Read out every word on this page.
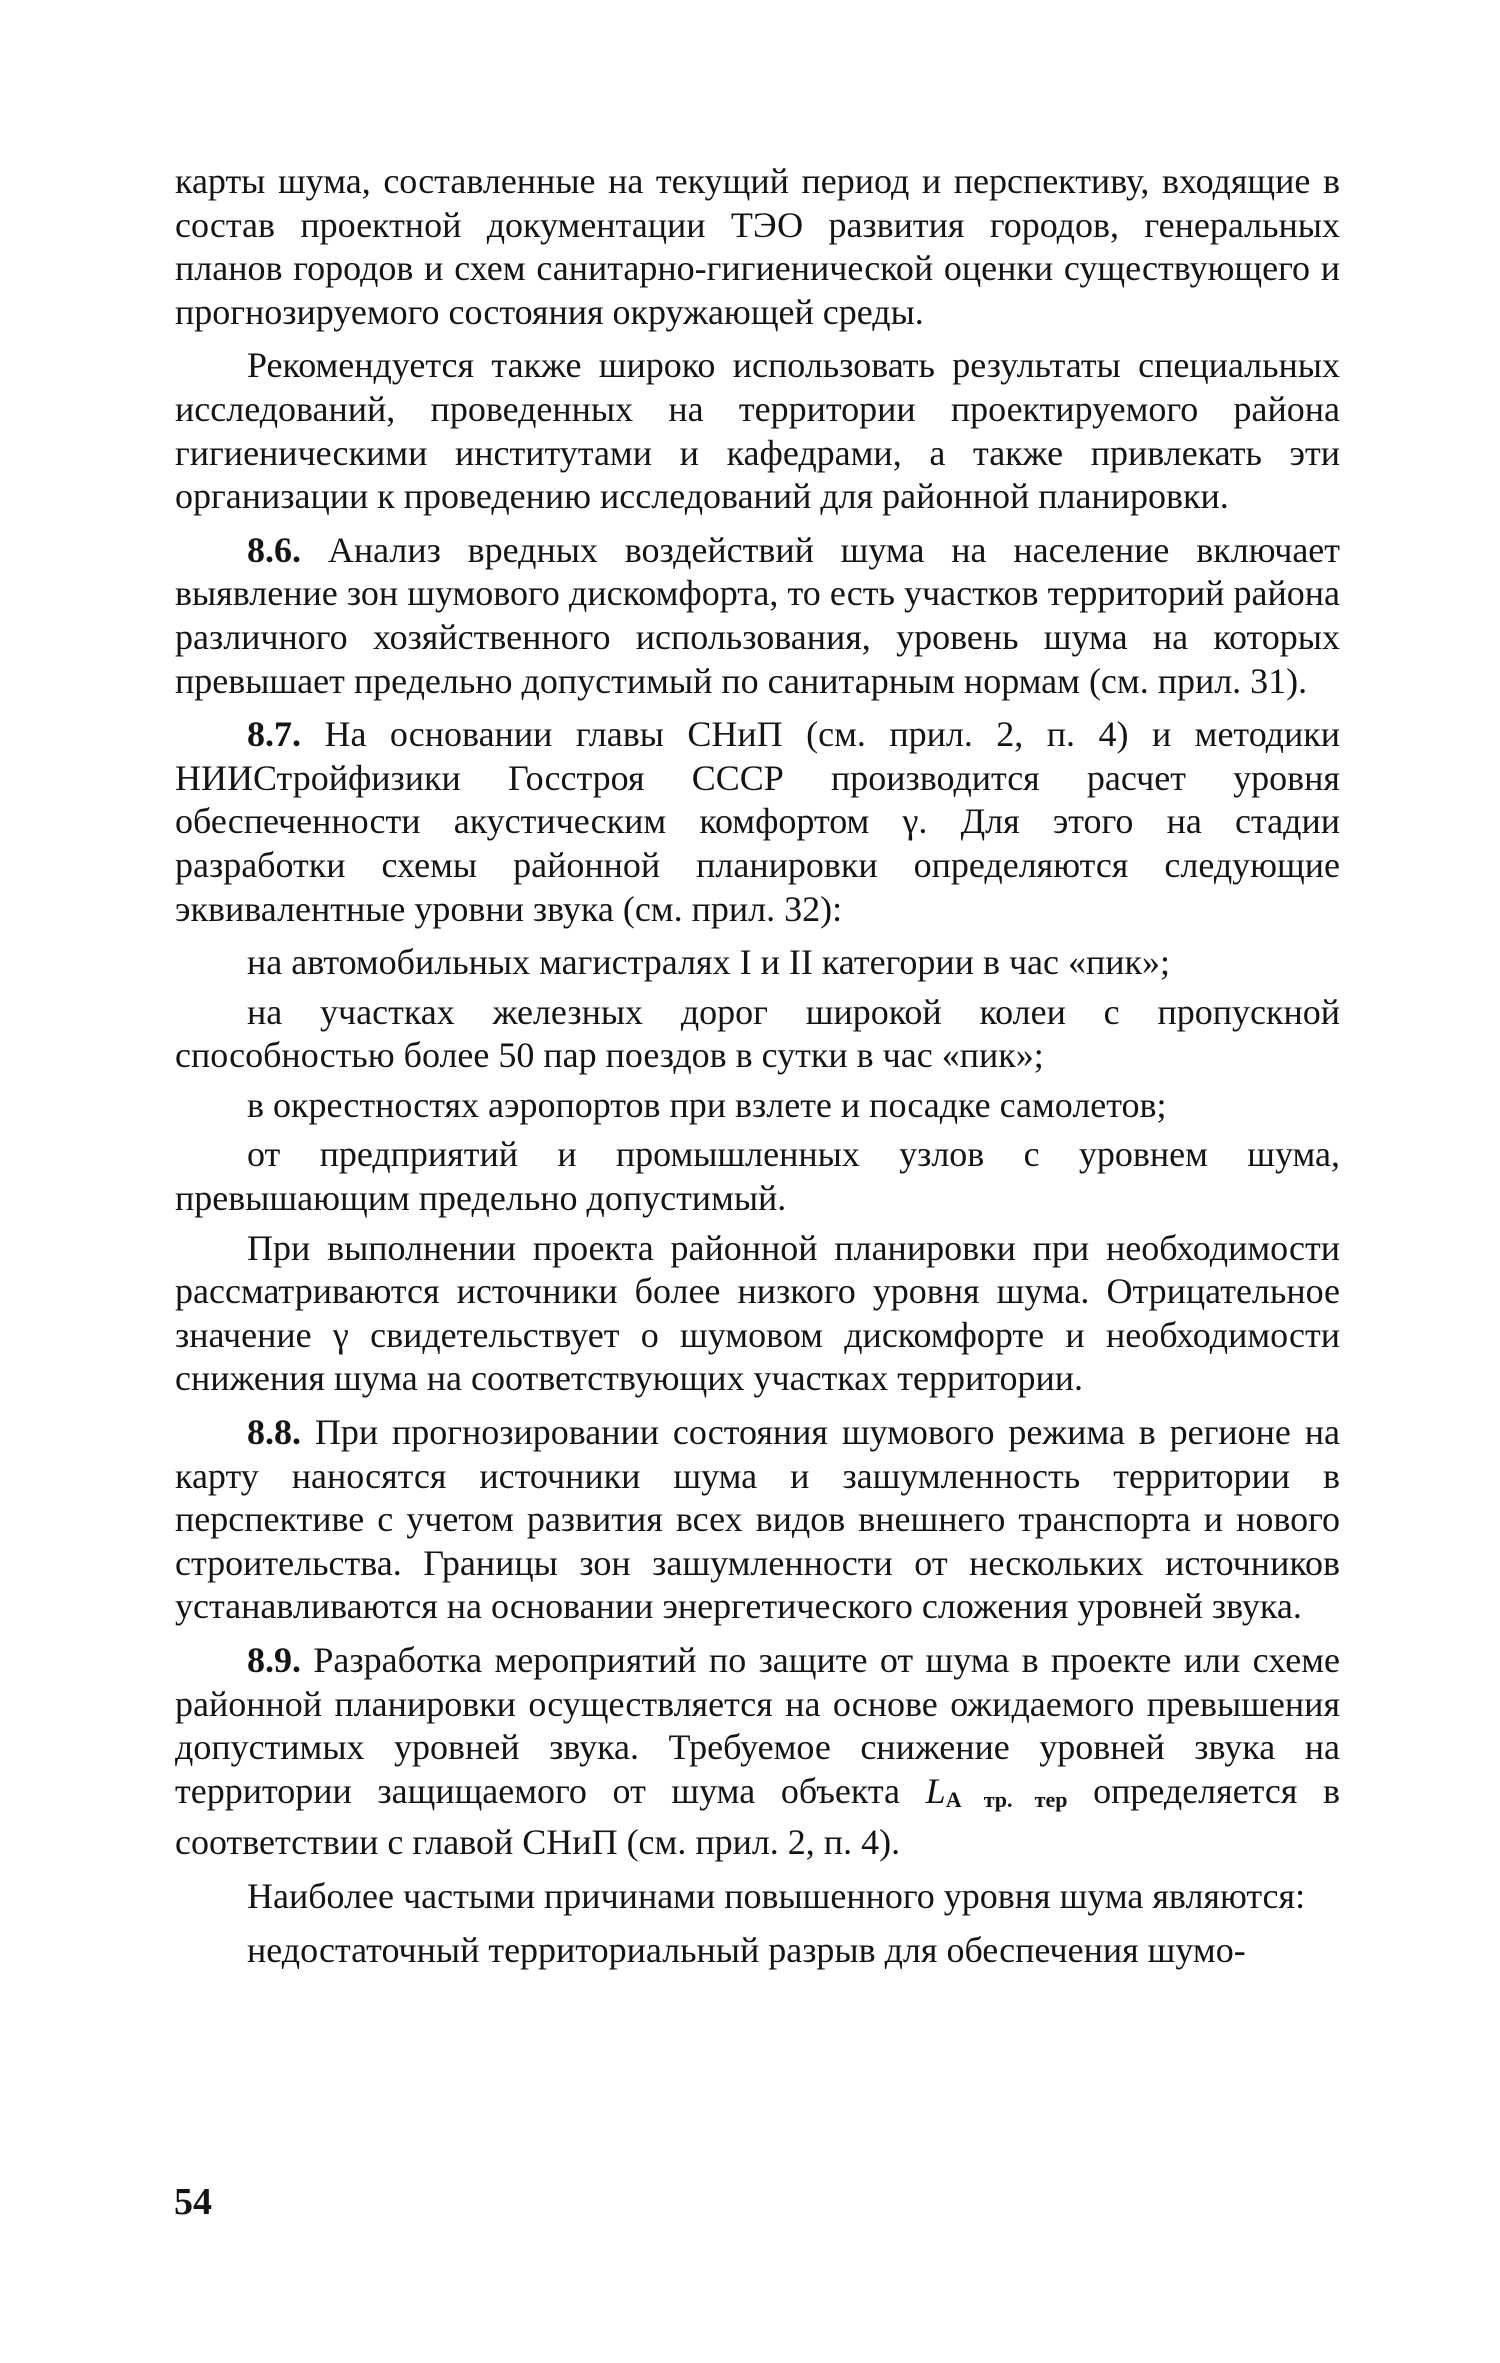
карты шума, составленные на текущий период и перспективу, входящие в состав проектной документации ТЭО развития городов, генеральных планов городов и схем санитарно-гигиенической оценки существующего и прогнозируемого состояния окружающей среды.

Рекомендуется также широко использовать результаты специальных исследований, проведенных на территории проектируемого района гигиеническими институтами и кафедрами, а также привлекать эти организации к проведению исследований для районной планировки.

8.6. Анализ вредных воздействий шума на население включает выявление зон шумового дискомфорта, то есть участков территорий района различного хозяйственного использования, уровень шума на которых превышает предельно допустимый по санитарным нормам (см. прил. 31).

8.7. На основании главы СНиП (см. прил. 2, п. 4) и методики НИИСтройфизики Госстроя СССР производится расчет уровня обеспеченности акустическим комфортом γ. Для этого на стадии разработки схемы районной планировки определяются следующие эквивалентные уровни звука (см. прил. 32):

на автомобильных магистралях I и II категории в час «пик»;

на участках железных дорог широкой колеи с пропускной способностью более 50 пар поездов в сутки в час «пик»;

в окрестностях аэропортов при взлете и посадке самолетов;

от предприятий и промышленных узлов с уровнем шума, превышающим предельно допустимый.

При выполнении проекта районной планировки при необходимости рассматриваются источники более низкого уровня шума. Отрицательное значение γ свидетельствует о шумовом дискомфорте и необходимости снижения шума на соответствующих участках территории.

8.8. При прогнозировании состояния шумового режима в регионе на карту наносятся источники шума и зашумленность территории в перспективе с учетом развития всех видов внешнего транспорта и нового строительства. Границы зон зашумленности от нескольких источников устанавливаются на основании энергетического сложения уровней звука.

8.9. Разработка мероприятий по защите от шума в проекте или схеме районной планировки осуществляется на основе ожидаемого превышения допустимых уровней звука. Требуемое снижение уровней звука на территории защищаемого от шума объекта LА тр. тер определяется в соответствии с главой СНиП (см. прил. 2, п. 4).

Наиболее частыми причинами повышенного уровня шума являются:

недостаточный территориальный разрыв для обеспечения шумо-

54
